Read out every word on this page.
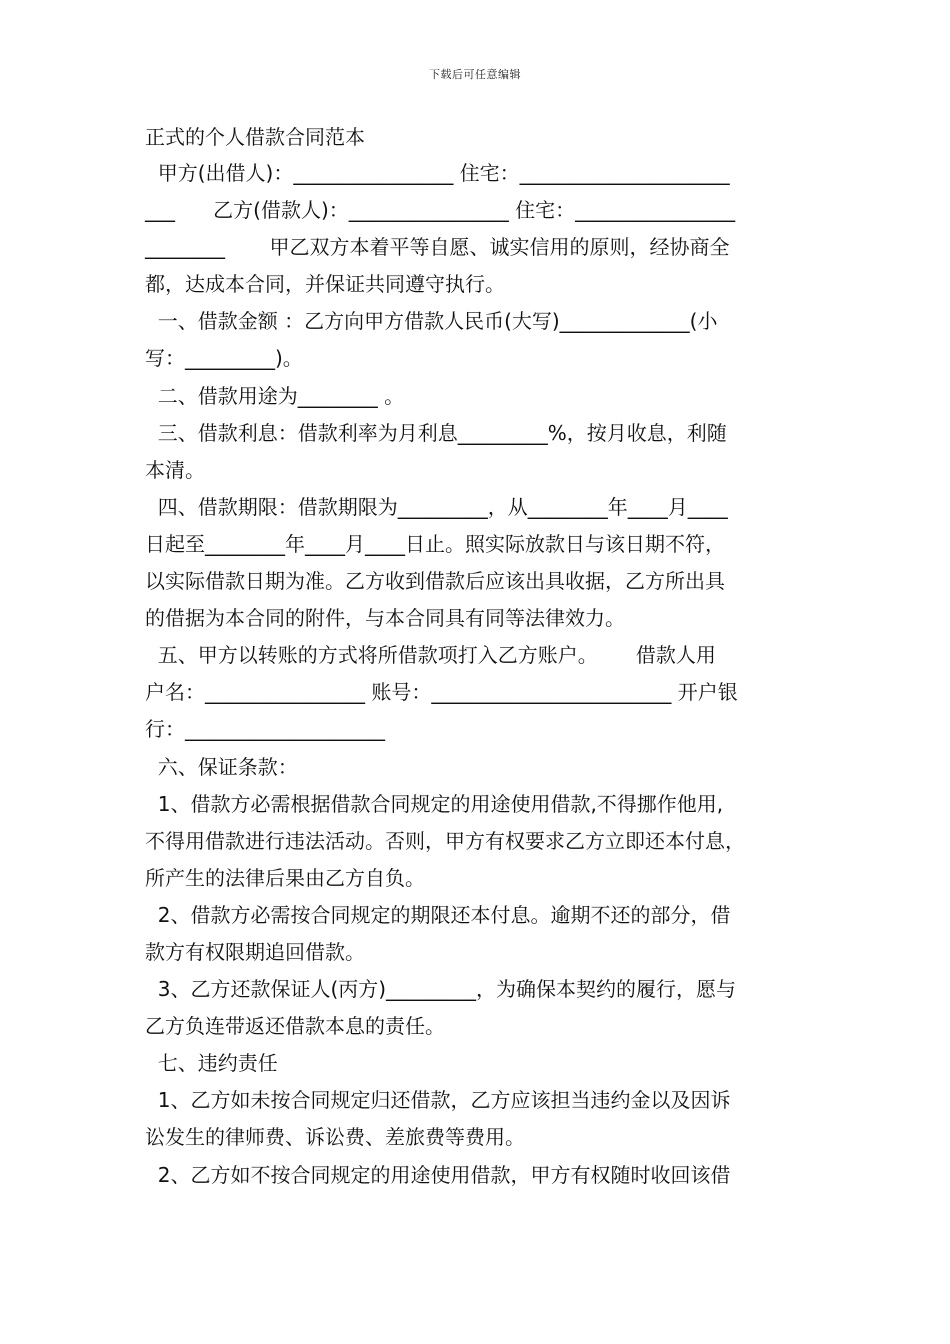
下载后可任意编辑
正式的个人借款合同范本
甲方(出借人)：________________ 住宅：_____________________
___      乙方(借款人)：________________ 住宅：________________
________       甲乙双方本着平等自愿、诚实信用的原则，经协商全
都，达成本合同，并保证共同遵守执行。
一、借款金额 ：乙方向甲方借款人民币(大写)_____________(小
写：_________)。
二、借款用途为________ 。
三、借款利息：借款利率为月利息_________%，按月收息，利随
本清。
四、借款期限：借款期限为_________，从________年____月____
日起至________年____月____日止。照实际放款日与该日期不符，
以实际借款日期为准。乙方收到借款后应该出具收据，乙方所出具
的借据为本合同的附件，与本合同具有同等法律效力。
五、甲方以转账的方式将所借款项打入乙方账户。      借款人用
户名：________________ 账号：________________________ 开户银
行：____________________
六、保证条款：
1、借款方必需根据借款合同规定的用途使用借款,不得挪作他用,
不得用借款进行违法活动。否则，甲方有权要求乙方立即还本付息，
所产生的法律后果由乙方自负。
2、借款方必需按合同规定的期限还本付息。逾期不还的部分，借
款方有权限期追回借款。
3、乙方还款保证人(丙方)_________，为确保本契约的履行，愿与
乙方负连带返还借款本息的责任。
七、违约责任
1、乙方如未按合同规定归还借款，乙方应该担当违约金以及因诉
讼发生的律师费、诉讼费、差旅费等费用。
2、乙方如不按合同规定的用途使用借款，甲方有权随时收回该借
